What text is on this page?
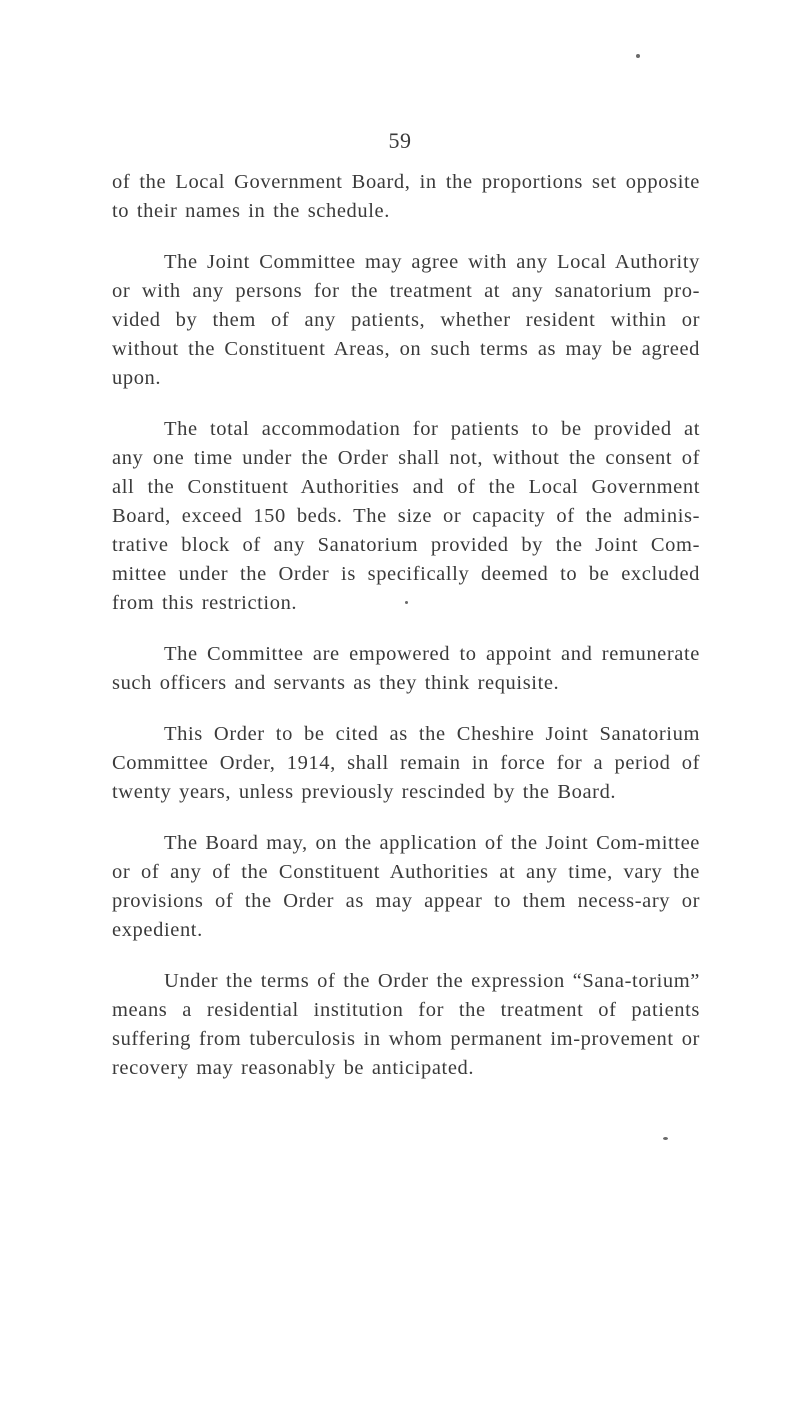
59

of the Local Government Board, in the proportions set opposite to their names in the schedule.

The Joint Committee may agree with any Local Authority or with any persons for the treatment at any sanatorium pro-vided by them of any patients, whether resident within or without the Constituent Areas, on such terms as may be agreed upon.

The total accommodation for patients to be provided at any one time under the Order shall not, without the consent of all the Constituent Authorities and of the Local Government Board, exceed 150 beds. The size or capacity of the adminis-trative block of any Sanatorium provided by the Joint Com-mittee under the Order is specifically deemed to be excluded from this restriction.

The Committee are empowered to appoint and remunerate such officers and servants as they think requisite.

This Order to be cited as the Cheshire Joint Sanatorium Committee Order, 1914, shall remain in force for a period of twenty years, unless previously rescinded by the Board.

The Board may, on the application of the Joint Com-mittee or of any of the Constituent Authorities at any time, vary the provisions of the Order as may appear to them necess-ary or expedient.

Under the terms of the Order the expression “Sana-torium” means a residential institution for the treatment of patients suffering from tuberculosis in whom permanent im-provement or recovery may reasonably be anticipated.
